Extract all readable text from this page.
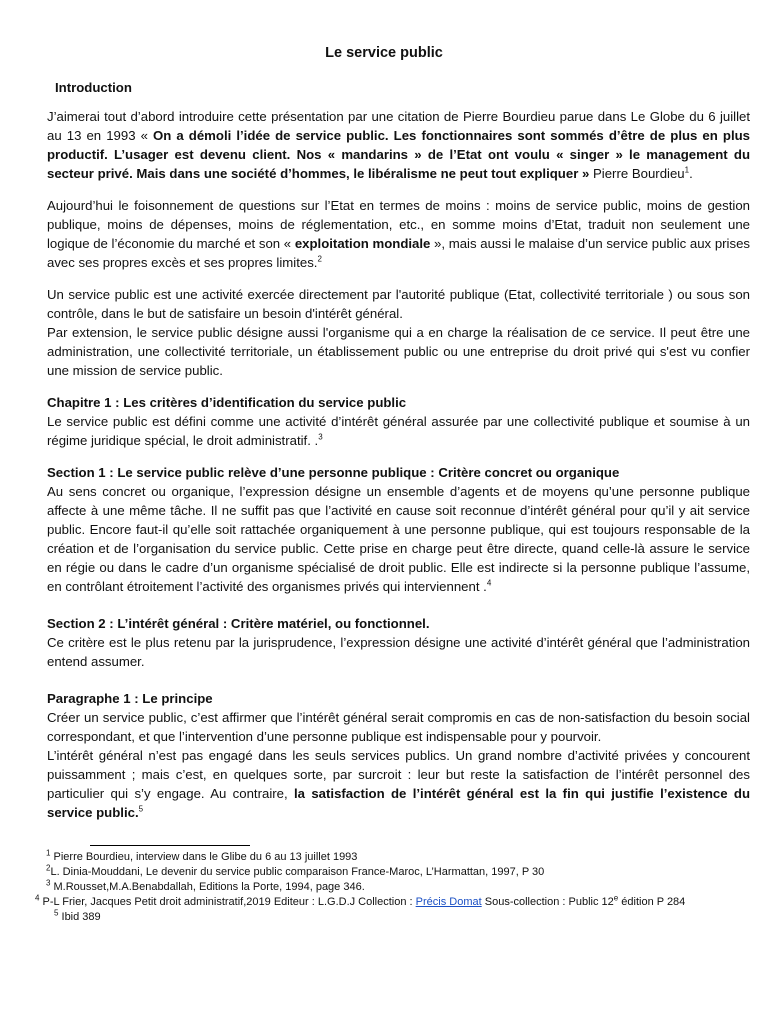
Le service public
Introduction

J’aimerai tout d’abord introduire cette présentation par une citation de Pierre Bourdieu parue dans Le Globe du 6 juillet au 13 en 1993 « On a démoli l’idée de service public. Les fonctionnaires sont sommés d’être de plus en plus productif. L’usager est devenu client. Nos « mandarins » de l’Etat ont voulu « singer » le management du secteur privé. Mais dans une société d’hommes, le libéralisme ne peut tout expliquer » Pierre Bourdieu$^1$.

Aujourd’hui le foisonnement de questions sur l’Etat en termes de moins : moins de service public, moins de gestion publique, moins de dépenses, moins de réglementation, etc., en somme moins d’Etat, traduit non seulement une logique de l’économie du marché et son « exploitation mondiale », mais aussi le malaise d’un service public aux prises avec ses propres excès et ses propres limites.$^2$

Un service public est une activité exercée directement par l'autorité publique (Etat, collectivité territoriale ) ou sous son contrôle, dans le but de satisfaire un besoin d'intérêt général.

Par extension, le service public désigne aussi l'organisme qui a en charge la réalisation de ce service. Il peut être une administration, une collectivité territoriale, un établissement public ou une entreprise du droit privé qui s'est vu confier une mission de service public.

Chapitre 1 : Les critères d’identification du service public
Le service public est défini comme une activité d’intérêt général assurée par une collectivité publique et soumise à un régime juridique spécial, le droit administratif. .$^3$

Section 1 : Le service public relève d’une personne publique : Critère concret ou organique
Au sens concret ou organique, l’expression désigne un ensemble d’agents et de moyens qu’une personne publique affecte à une même tâche. Il ne suffit pas que l’activité en cause soit reconnue d’intérêt général pour qu’il y ait service public. Encore faut-il qu’elle soit rattachée organiquement à une personne publique, qui est toujours responsable de la création et de l’organisation du service public. Cette prise en charge peut être directe, quand celle-là assure le service en régie ou dans le cadre d’un organisme spécialisé de droit public. Elle est indirecte si la personne publique l’assume, en contrôlant étroitement l’activité des organismes privés qui interviennent .$^4$

Section 2 : L’intérêt général : Critère matériel, ou fonctionnel.
Ce critère est le plus retenu par la jurisprudence, l’expression désigne une activité d’intérêt général que l’administration entend assumer.

Paragraphe 1 : Le principe
Créer un service public, c’est affirmer que l’intérêt général serait compromis en cas de non-satisfaction du besoin social correspondant, et que l’intervention d’une personne publique est indispensable pour y pourvoir.

L’intérêt général n’est pas engagé dans les seuls services publics. Un grand nombre d’activité privées y concourent puissamment ; mais c’est, en quelques sorte, par surcroit : leur but reste la satisfaction de l’intérêt personnel des particulier qui s’y engage. Au contraire, la satisfaction de l’intérêt général est la fin qui justifie l’existence du service public.$^5$

$^1$ Pierre Bourdieu, interview dans le Glibe du 6 au 13 juillet 1993
$^2$L. Dinia-Mouddani, Le devenir du service public comparaison France-Maroc, L’Harmattan, 1997, P 30
$^3$ M.Rousset,M.A.Benabdallah, Editions la Porte, 1994, page 346.
$^4$ P-L Frier, Jacques Petit droit administratif,2019 Editeur : L.G.D.J Collection : Précis Domat Sous-collection : Public 12e édition P 284
$^5$ Ibid 389
